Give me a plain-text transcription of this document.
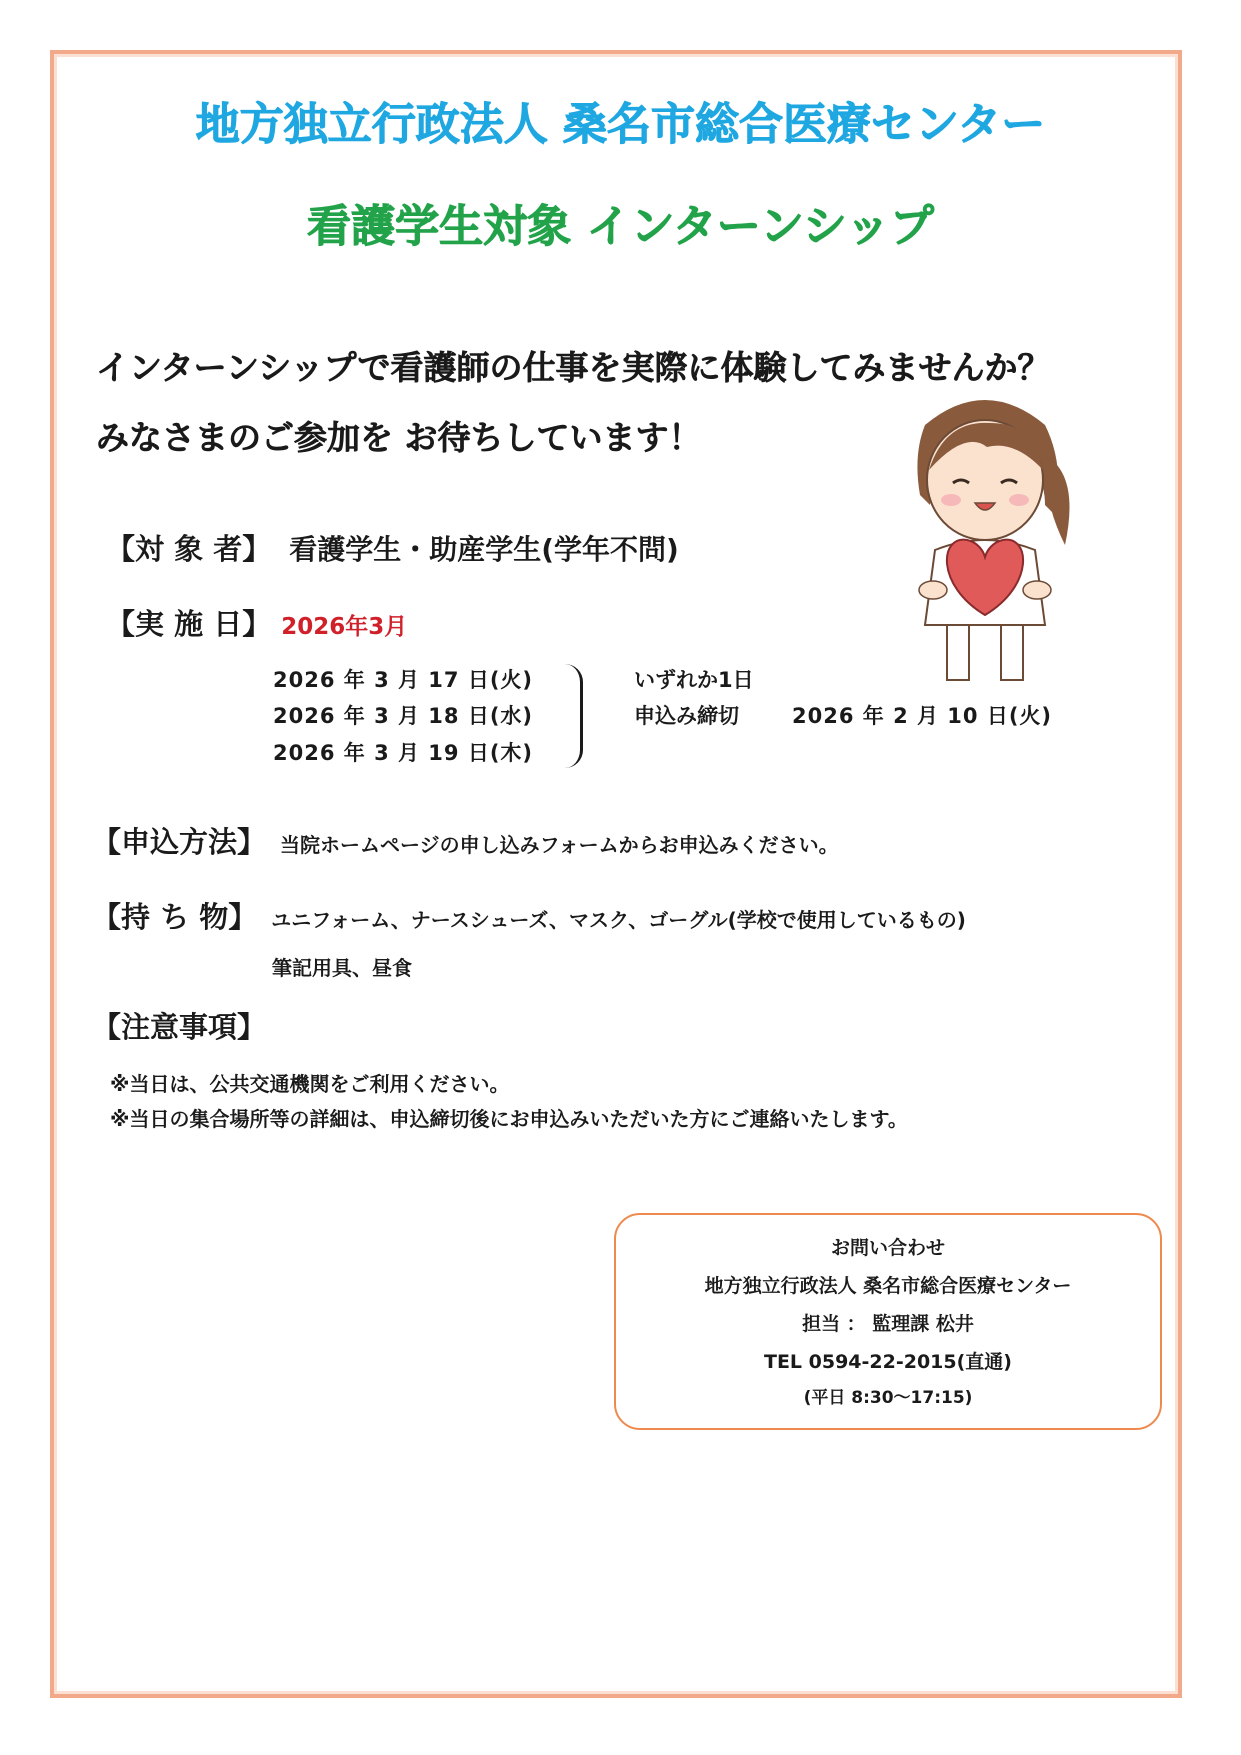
地方独立行政法人 桑名市総合医療センター
看護学生対象 インターンシップ
インターンシップで看護師の仕事を実際に体験してみませんか？
みなさまのご参加を お待ちしています！
【対 象 者】 看護学生・助産学生(学年不問)
【実 施 日】 2026年3月
2026 年 3 月 17 日(火)
2026 年 3 月 18 日(水)
2026 年 3 月 19 日(木)
いずれか1日
申込み締切	2026 年 2 月 10 日(火)
【申込方法】 当院ホームページの申し込みフォームからお申込みください。
【持 ち 物】 ユニフォーム、ナースシューズ、マスク、ゴーグル(学校で使用しているもの)
筆記用具、昼食
【注意事項】
※当日は、公共交通機関をご利用ください。
※当日の集合場所等の詳細は、申込締切後にお申込みいただいた方にご連絡いたします。
お問い合わせ
地方独立行政法人 桑名市総合医療センター
担当 ： 監理課 松井
TEL 0594-22-2015(直通)
(平日 8:30～17:15)
